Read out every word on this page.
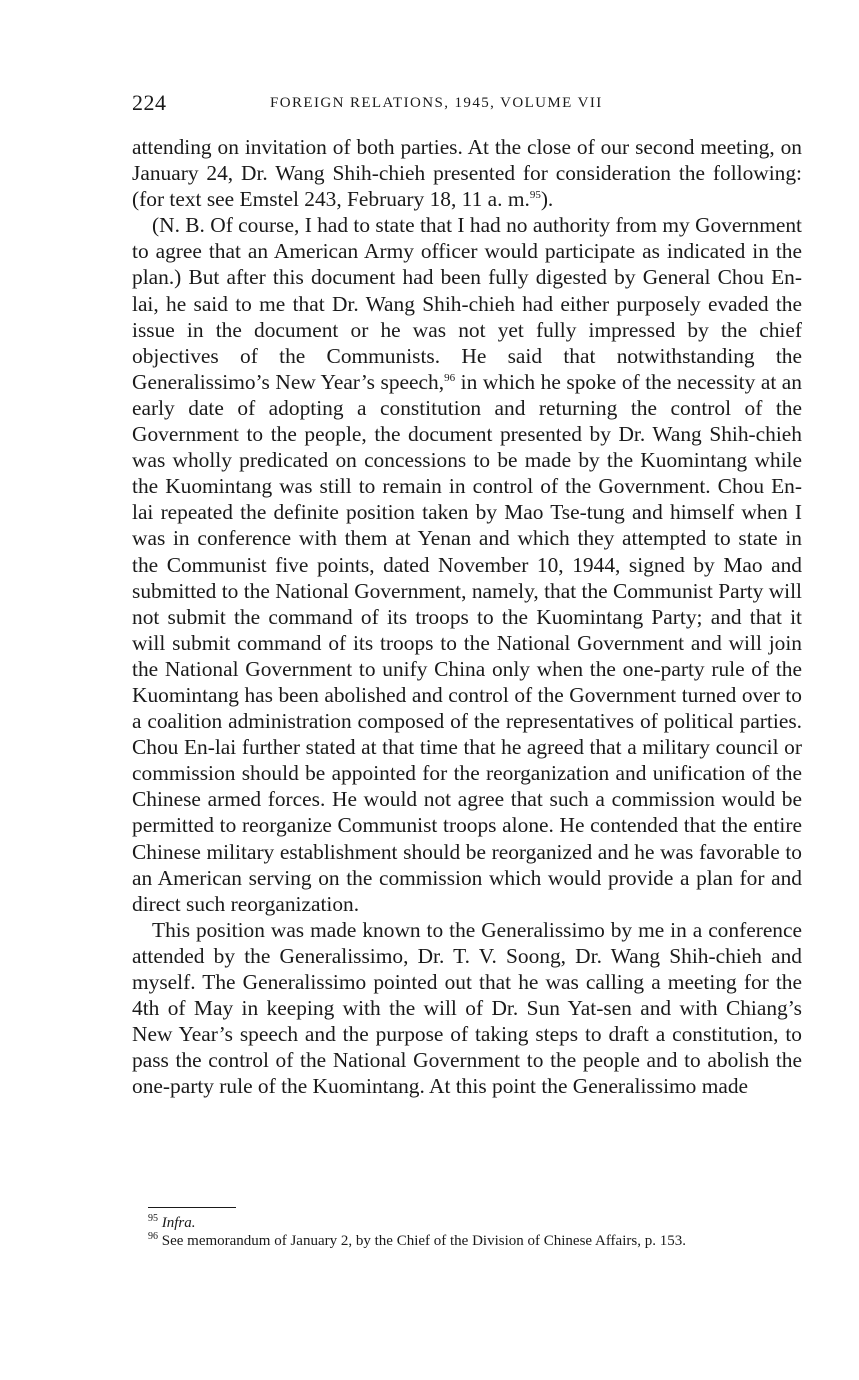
224	FOREIGN RELATIONS, 1945, VOLUME VII

attending on invitation of both parties. At the close of our second meeting, on January 24, Dr. Wang Shih-chieh presented for consideration the following: (for text see Emstel 243, February 18, 11 a. m.$^{95}$).

(N. B. Of course, I had to state that I had no authority from my Government to agree that an American Army officer would participate as indicated in the plan.) But after this document had been fully digested by General Chou En-lai, he said to me that Dr. Wang Shih-chieh had either purposely evaded the issue in the document or he was not yet fully impressed by the chief objectives of the Communists. He said that notwithstanding the Generalissimo’s New Year’s speech,$^{96}$ in which he spoke of the necessity at an early date of adopting a constitution and returning the control of the Government to the people, the document presented by Dr. Wang Shih-chieh was wholly predicated on concessions to be made by the Kuomintang while the Kuomintang was still to remain in control of the Government. Chou En-lai repeated the definite position taken by Mao Tse-tung and himself when I was in conference with them at Yenan and which they attempted to state in the Communist five points, dated November 10, 1944, signed by Mao and submitted to the National Government, namely, that the Communist Party will not submit the command of its troops to the Kuomintang Party; and that it will submit command of its troops to the National Government and will join the National Government to unify China only when the one-party rule of the Kuomintang has been abolished and control of the Government turned over to a coalition administration composed of the representatives of political parties. Chou En-lai further stated at that time that he agreed that a military council or commission should be appointed for the reorganization and unification of the Chinese armed forces. He would not agree that such a commission would be permitted to reorganize Communist troops alone. He contended that the entire Chinese military establishment should be reorganized and he was favorable to an American serving on the commission which would provide a plan for and direct such reorganization.

This position was made known to the Generalissimo by me in a conference attended by the Generalissimo, Dr. T. V. Soong, Dr. Wang Shih-chieh and myself. The Generalissimo pointed out that he was calling a meeting for the 4th of May in keeping with the will of Dr. Sun Yat-sen and with Chiang’s New Year’s speech and the purpose of taking steps to draft a constitution, to pass the control of the National Government to the people and to abolish the one-party rule of the Kuomintang. At this point the Generalissimo made

$^{95}$ Infra.

$^{96}$ See memorandum of January 2, by the Chief of the Division of Chinese Affairs, p. 153.
